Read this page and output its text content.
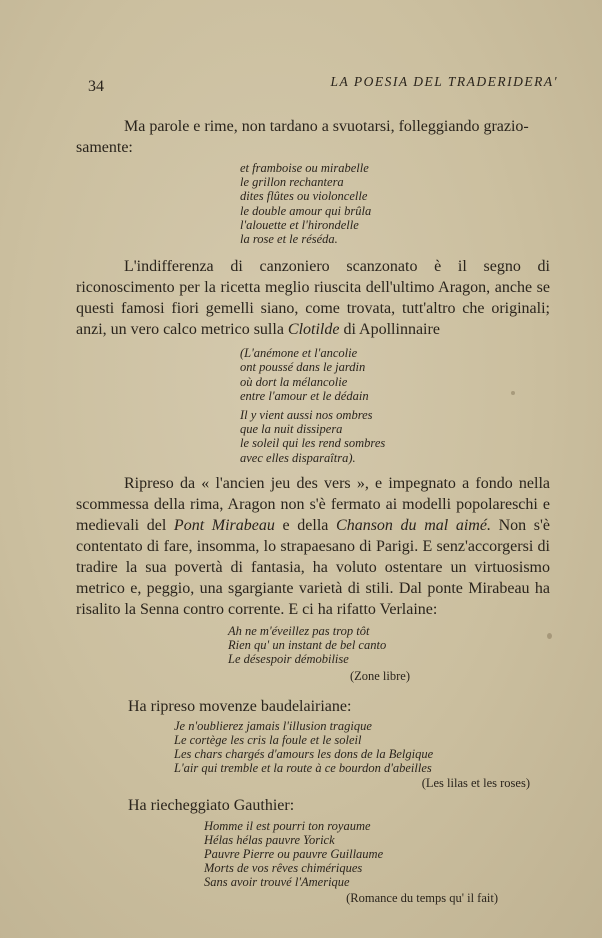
34	LA POESIA DEL TRADERIDERA'

Ma parole e rime, non tardano a svuotarsi, folleggiando grazio-

samente:

et framboise ou mirabelle
le grillon rechantera
dites flûtes ou violoncelle
le double amour qui brûla
l'alouette et l'hirondelle
la rose et le réséda.

L'indifferenza di canzoniero scanzonato è il segno di riconoscimento per la ricetta meglio riuscita dell'ultimo Aragon, anche se questi famosi fiori gemelli siano, come trovata, tutt'altro che originali; anzi, un vero calco metrico sulla Clotilde di Apollinnaire

(L'anémone et l'ancolie
ont poussé dans le jardin
où dort la mélancolie
entre l'amour et le dédain
Il y vient aussi nos ombres
que la nuit dissipera
le soleil qui les rend sombres
avec elles disparaîtra).

Ripreso da « l'ancien jeu des vers », e impegnato a fondo nella scommessa della rima, Aragon non s'è fermato ai modelli popolareschi e medievali del Pont Mirabeau e della Chanson du mal aimé. Non s'è contentato di fare, insomma, lo strapaesano di Parigi. E senz'accorgersi di tradire la sua povertà di fantasia, ha voluto ostentare un virtuosismo metrico e, peggio, una sgargiante varietà di stili. Dal ponte Mirabeau ha risalito la Senna contro corrente. E ci ha rifatto Verlaine:

Ah ne m'éveillez pas trop tôt
Rien qu' un instant de bel canto
Le désespoir démobilise
(Zone libre)

Ha ripreso movenze baudelairiane:

Je n'oublierez jamais l'illusion tragique
Le cortège les cris la foule et le soleil
Les chars chargés d'amours les dons de la Belgique
L'air qui tremble et la route à ce bourdon d'abeilles
(Les lilas et les roses)

Ha riecheggiato Gauthier:

Homme il est pourri ton royaume
Hélas hélas pauvre Yorick
Pauvre Pierre ou pauvre Guillaume
Morts de vos rêves chimériques
Sans avoir trouvé l'Amerique
(Romance du temps qu' il fait)
